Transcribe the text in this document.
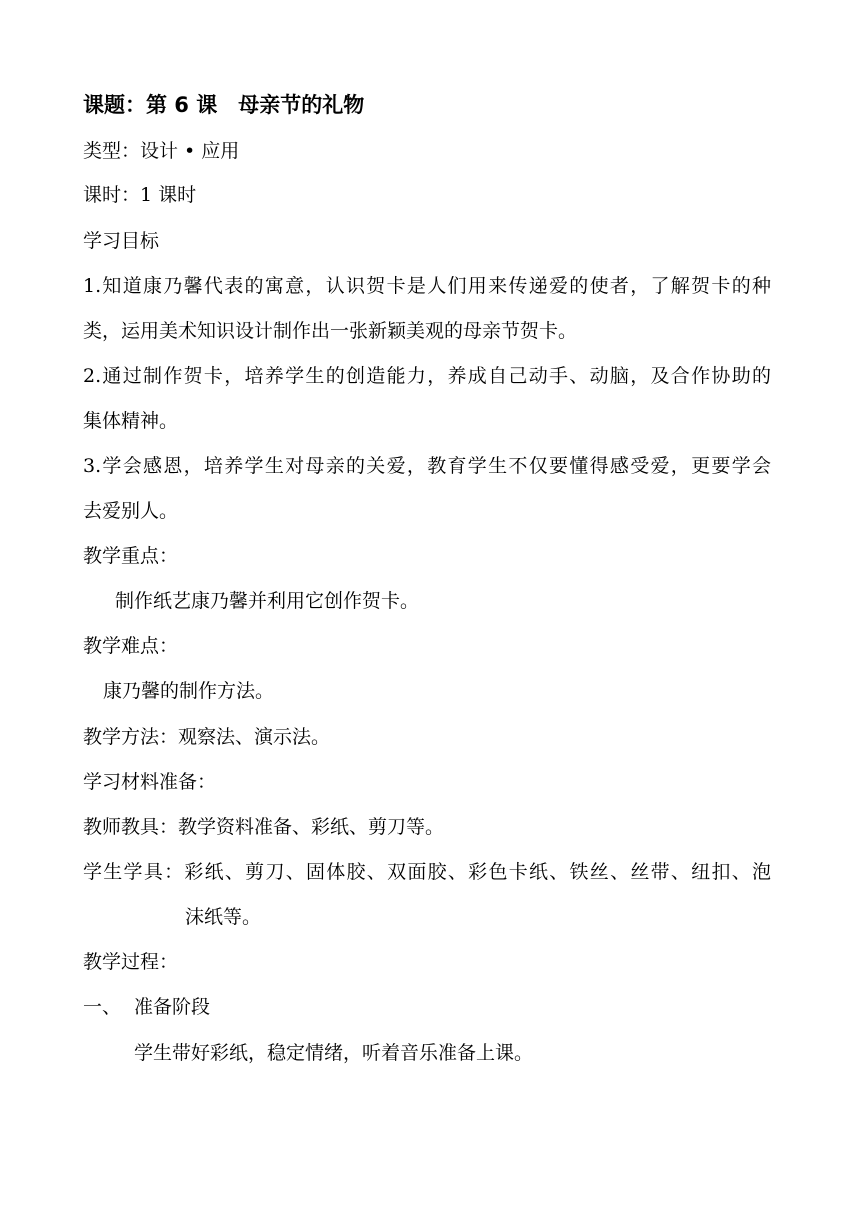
课题：第 6 课　母亲节的礼物
类型：设计 • 应用
课时：1 课时
学习目标
1.知道康乃馨代表的寓意，认识贺卡是人们用来传递爱的使者，了解贺卡的种
类，运用美术知识设计制作出一张新颖美观的母亲节贺卡。
2.通过制作贺卡，培养学生的创造能力，养成自己动手、动脑，及合作协助的
集体精神。
3.学会感恩，培养学生对母亲的关爱，教育学生不仅要懂得感受爱，更要学会
去爱别人。
教学重点：
制作纸艺康乃馨并利用它创作贺卡。
教学难点：
康乃馨的制作方法。
教学方法：观察法、演示法。
学习材料准备：
教师教具：教学资料准备、彩纸、剪刀等。
学生学具：彩纸、剪刀、固体胶、双面胶、彩色卡纸、铁丝、丝带、纽扣、泡
沫纸等。
教学过程：
一、 准备阶段
学生带好彩纸，稳定情绪，听着音乐准备上课。
